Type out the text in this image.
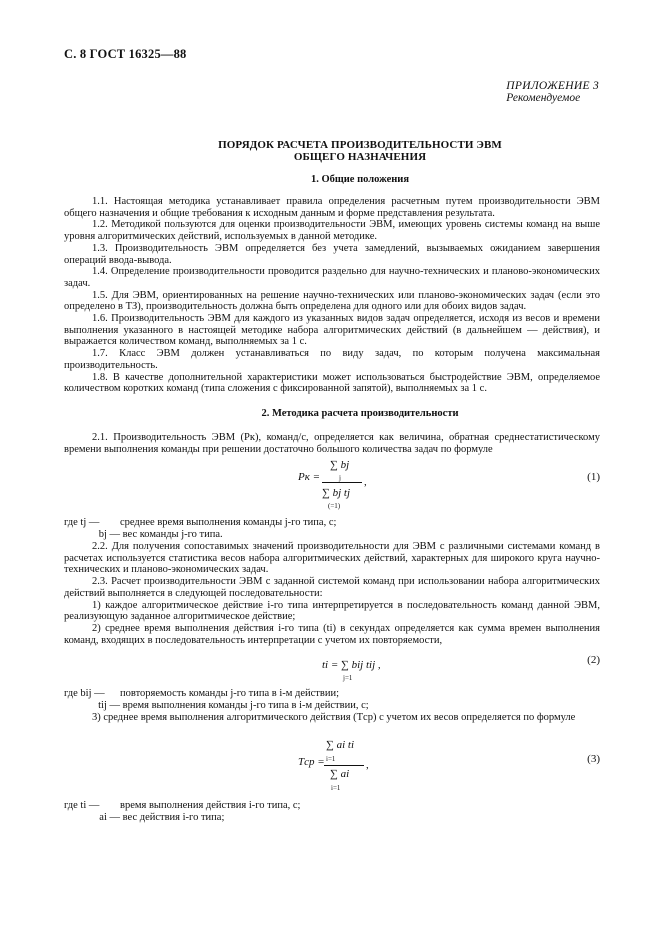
С. 8 ГОСТ 16325—88
ПРИЛОЖЕНИЕ 3
Рекомендуемое
ПОРЯДОК РАСЧЕТА ПРОИЗВОДИТЕЛЬНОСТИ ЭВМ
ОБЩЕГО НАЗНАЧЕНИЯ
1. Общие положения

1.1. Настоящая методика устанавливает правила определения расчетным путем производительности ЭВМ общего назначения и общие требования к исходным данным и форме представления результата.

1.2. Методикой пользуются для оценки производительности ЭВМ, имеющих уровень системы команд на выше уровня алгоритмических действий, используемых в данной методике.

1.3. Производительность ЭВМ определяется без учета замедлений, вызываемых ожиданием завершения операций ввода-вывода.

1.4. Определение производительности проводится раздельно для научно-технических и планово-экономических задач.

1.5. Для ЭВМ, ориентированных на решение научно-технических или планово-экономических задач (если это определено в ТЗ), производительность должна быть определена для одного или для обоих видов задач.

1.6. Производительность ЭВМ для каждого из указанных видов задач определяется, исходя из весов и времени выполнения указанного в настоящей методике набора алгоритмических действий (в дальнейшем — действия), и выражается количеством команд, выполняемых за 1 с.

1.7. Класс ЭВМ должен устанавливаться по виду задач, по которым получена максимальная производительность.

1.8. В качестве дополнительной характеристики может использоваться быстродействие ЭВМ, определяемое количеством коротких команд (типа сложения с фиксированной запятой), выполняемых за 1 с.

2. Методика расчета производительности

2.1. Производительность ЭВМ (Pк), команд/с, определяется как величина, обратная среднестатистическому времени выполнения команды при решении достаточно большого количества задач по формуле

Pк =
∑ bj
j
∑ bj tj
(=1)
,	(1)
где tj — среднее время выполнения команды j-го типа, с;
bj — вес команды j-го типа.

2.2. Для получения сопоставимых значений производительности для ЭВМ с различными системами команд в расчетах используется статистика весов набора алгоритмических действий, характерных для широкого круга научно-технических и планово-экономических задач.

2.3. Расчет производительности ЭВМ с заданной системой команд при использовании набора алгоритмических действий выполняется в следующей последовательности:

1) каждое алгоритмическое действие i-го типа интерпретируется в последовательность команд данной ЭВМ, реализующую заданное алгоритмическое действие;

2) среднее время выполнения действия i-го типа (ti) в секундах определяется как сумма времен выполнения команд, входящих в последовательность интерпретации с учетом их повторяемости,

ti = ∑ bij tij ,
j=1
(2)
где bij — повторяемость команды j-го типа в i-м действии;
tij — время выполнения команды j-го типа в i-м действии, с;

3) среднее время выполнения алгоритмического действия (Tср) с учетом их весов определяется по формуле

Tср =
∑ ai ti
i=1
∑ ai
i=1
,	(3)
где ti — время выполнения действия i-го типа, с;
ai — вес действия i-го типа;
